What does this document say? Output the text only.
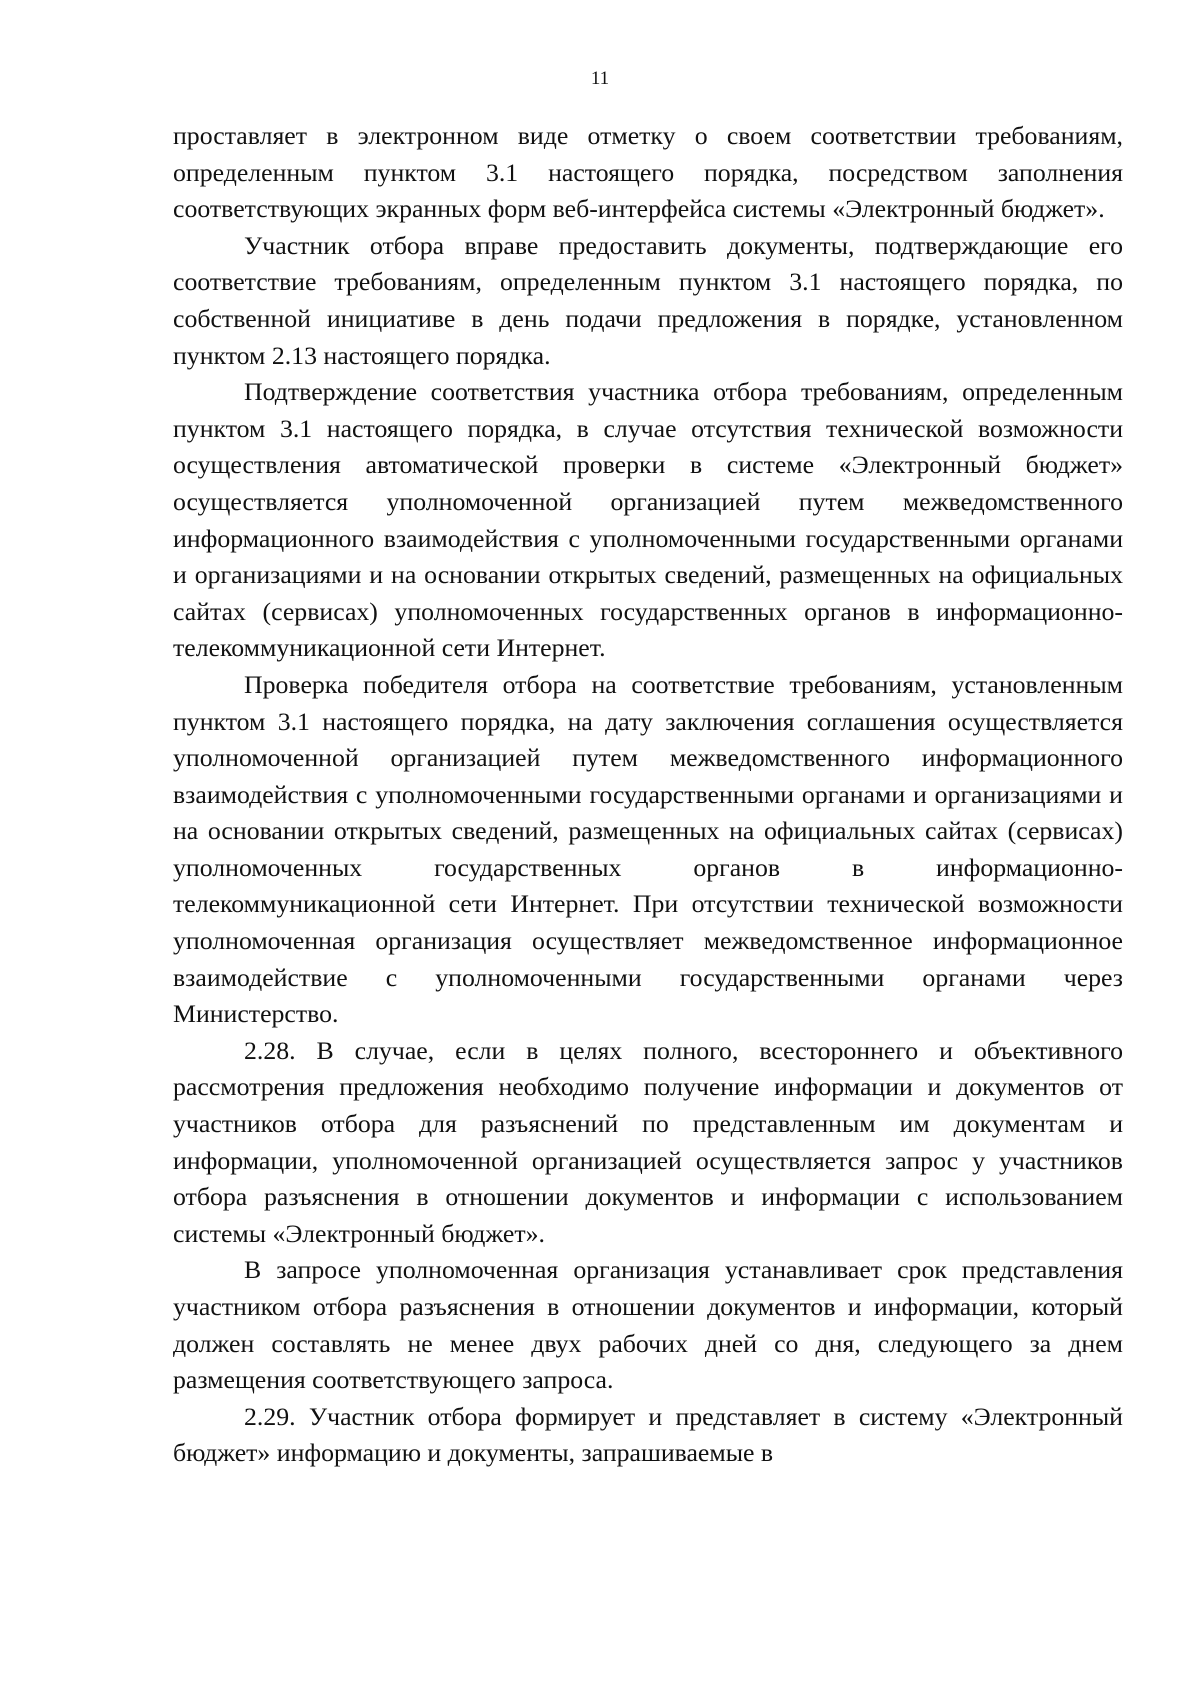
11

проставляет в электронном виде отметку о своем соответствии требованиям, определенным пунктом 3.1 настоящего порядка, посредством заполнения соответствующих экранных форм веб-интерфейса системы «Электронный бюджет».

Участник отбора вправе предоставить документы, подтверждающие его соответствие требованиям, определенным пунктом 3.1 настоящего порядка, по собственной инициативе в день подачи предложения в порядке, установленном пунктом 2.13 настоящего порядка.

Подтверждение соответствия участника отбора требованиям, определенным пунктом 3.1 настоящего порядка, в случае отсутствия технической возможности осуществления автоматической проверки в системе «Электронный бюджет» осуществляется уполномоченной организацией путем межведомственного информационного взаимодействия с уполномоченными государственными органами и организациями и на основании открытых сведений, размещенных на официальных сайтах (сервисах) уполномоченных государственных органов в информационно-телекоммуникационной сети Интернет.

Проверка победителя отбора на соответствие требованиям, установленным пунктом 3.1 настоящего порядка, на дату заключения соглашения осуществляется уполномоченной организацией путем межведомственного информационного взаимодействия с уполномоченными государственными органами и организациями и на основании открытых сведений, размещенных на официальных сайтах (сервисах) уполномоченных государственных органов в информационно-телекоммуникационной сети Интернет. При отсутствии технической возможности уполномоченная организация осуществляет межведомственное информационное взаимодействие с уполномоченными государственными органами через Министерство.

2.28. В случае, если в целях полного, всестороннего и объективного рассмотрения предложения необходимо получение информации и документов от участников отбора для разъяснений по представленным им документам и информации, уполномоченной организацией осуществляется запрос у участников отбора разъяснения в отношении документов и информации с использованием системы «Электронный бюджет».

В запросе уполномоченная организация устанавливает срок представления участником отбора разъяснения в отношении документов и информации, который должен составлять не менее двух рабочих дней со дня, следующего за днем размещения соответствующего запроса.

2.29. Участник отбора формирует и представляет в систему «Электронный бюджет» информацию и документы, запрашиваемые в
